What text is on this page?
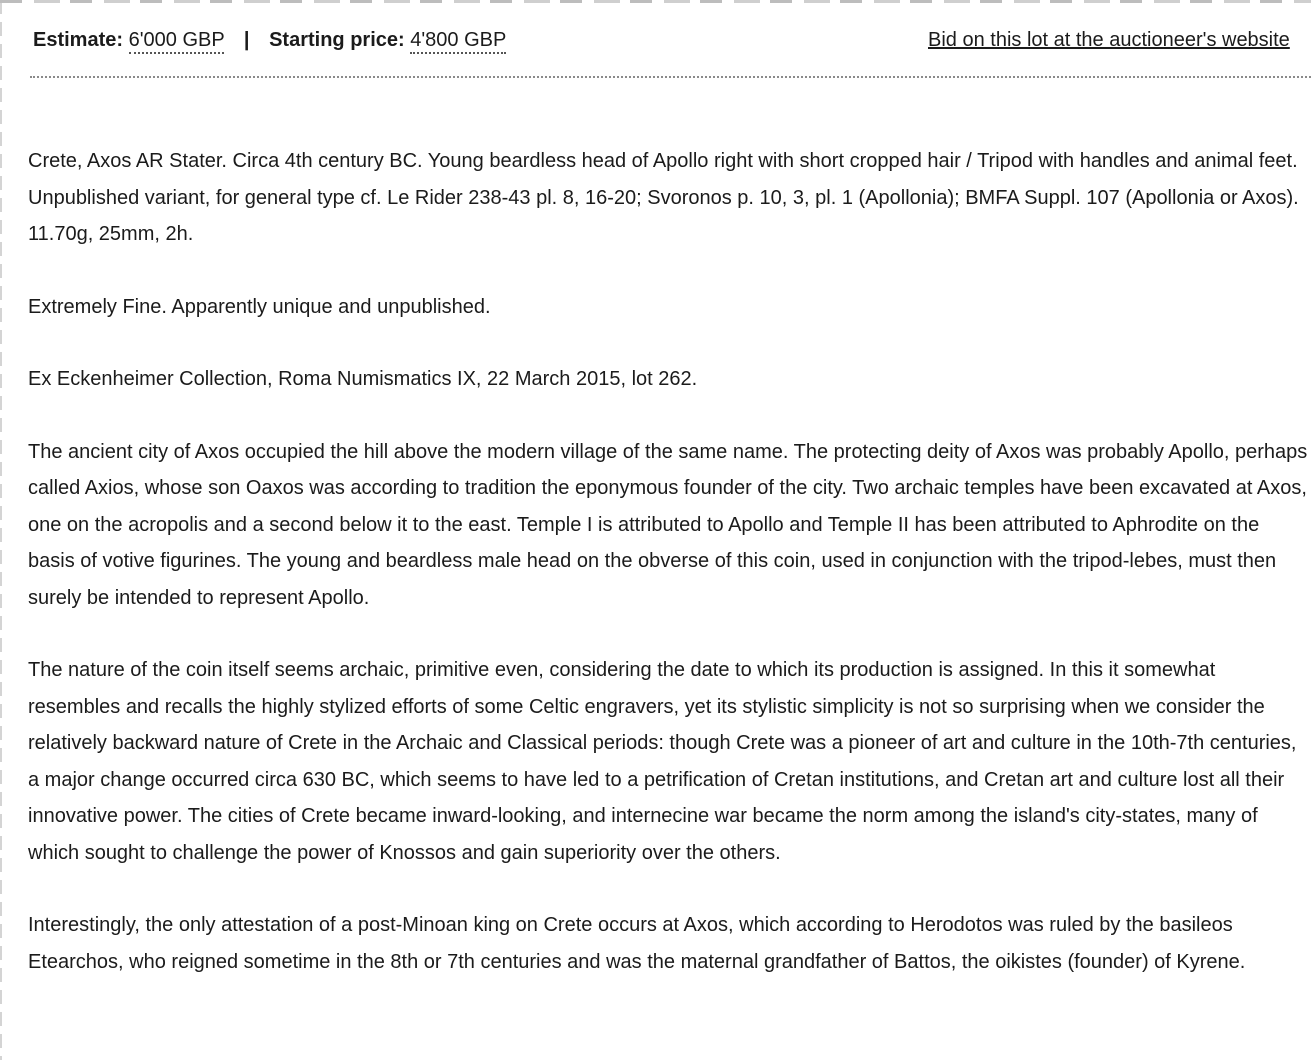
Estimate: 6'000 GBP | Starting price: 4'800 GBP	Bid on this lot at the auctioneer's website

Crete, Axos AR Stater. Circa 4th century BC. Young beardless head of Apollo right with short cropped hair / Tripod with handles and animal feet. Unpublished variant, for general type cf. Le Rider 238-43 pl. 8, 16-20; Svoronos p. 10, 3, pl. 1 (Apollonia); BMFA Suppl. 107 (Apollonia or Axos). 11.70g, 25mm, 2h.

Extremely Fine. Apparently unique and unpublished.

Ex Eckenheimer Collection, Roma Numismatics IX, 22 March 2015, lot 262.

The ancient city of Axos occupied the hill above the modern village of the same name. The protecting deity of Axos was probably Apollo, perhaps called Axios, whose son Oaxos was according to tradition the eponymous founder of the city. Two archaic temples have been excavated at Axos, one on the acropolis and a second below it to the east. Temple I is attributed to Apollo and Temple II has been attributed to Aphrodite on the basis of votive figurines. The young and beardless male head on the obverse of this coin, used in conjunction with the tripod-lebes, must then surely be intended to represent Apollo.

The nature of the coin itself seems archaic, primitive even, considering the date to which its production is assigned. In this it somewhat resembles and recalls the highly stylized efforts of some Celtic engravers, yet its stylistic simplicity is not so surprising when we consider the relatively backward nature of Crete in the Archaic and Classical periods: though Crete was a pioneer of art and culture in the 10th-7th centuries, a major change occurred circa 630 BC, which seems to have led to a petrification of Cretan institutions, and Cretan art and culture lost all their innovative power. The cities of Crete became inward-looking, and internecine war became the norm among the island's city-states, many of which sought to challenge the power of Knossos and gain superiority over the others.

Interestingly, the only attestation of a post-Minoan king on Crete occurs at Axos, which according to Herodotos was ruled by the basileos Etearchos, who reigned sometime in the 8th or 7th centuries and was the maternal grandfather of Battos, the oikistes (founder) of Kyrene.
